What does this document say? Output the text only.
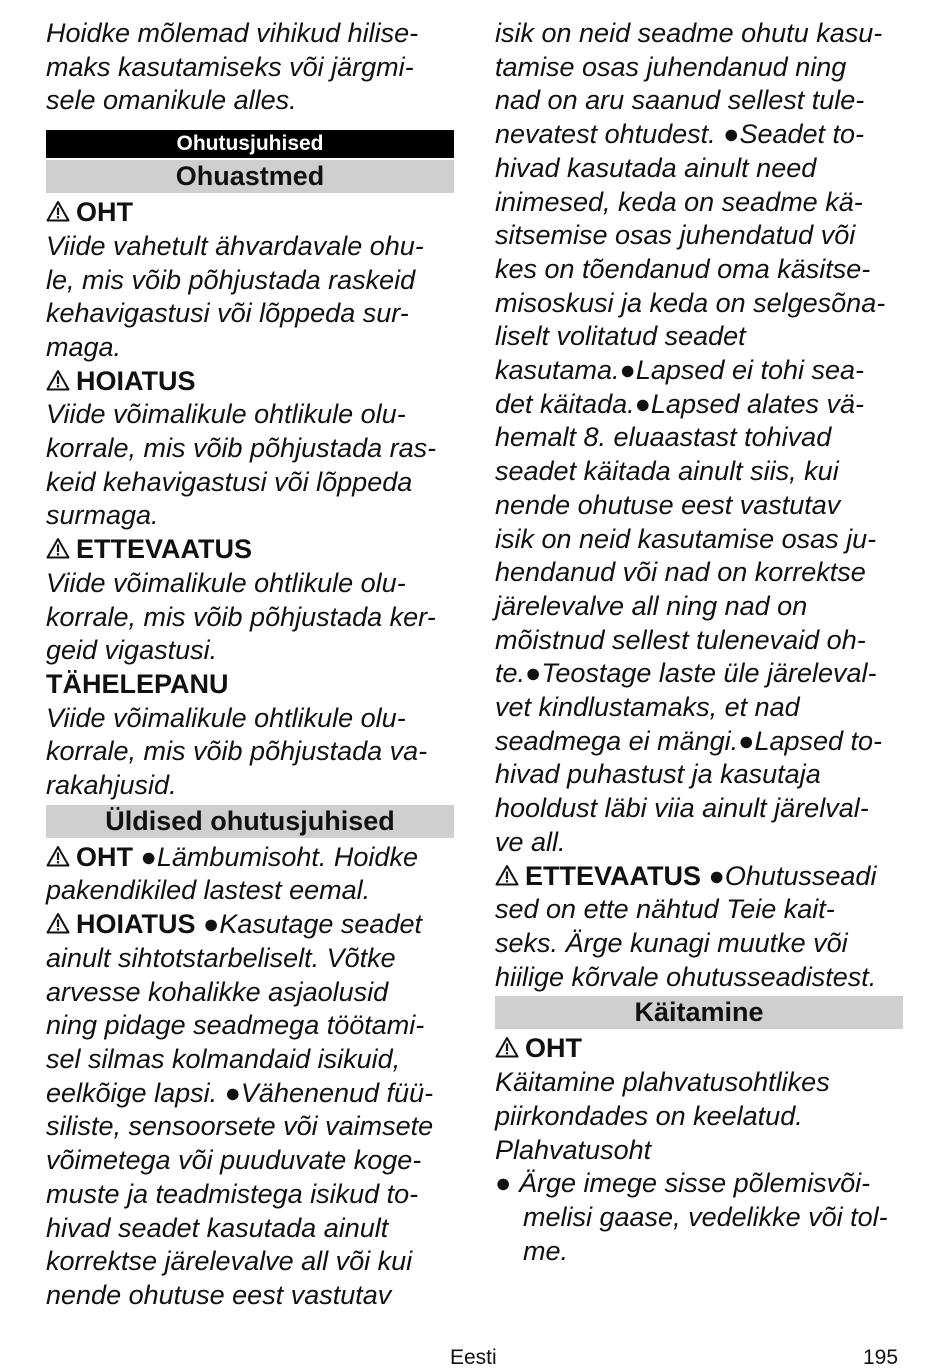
Hoidke mõlemad vihikud hilise-
maks kasutamiseks või järgmi-
sele omanikule alles.
Ohutusjuhised
Ohuastmed
OHT
Viide vahetult ähvardavale ohu-
le, mis võib põhjustada raskeid
kehavigastusi või lõppeda sur-
maga.
HOIATUS
Viide võimalikule ohtlikule olu-
korrale, mis võib põhjustada ras-
keid kehavigastusi või lõppeda
surmaga.
ETTEVAATUS
Viide võimalikule ohtlikule olu-
korrale, mis võib põhjustada ker-
geid vigastusi.
TÄHELEPANU
Viide võimalikule ohtlikule olu-
korrale, mis võib põhjustada va-
rakahjusid.
Üldised ohutusjuhised
OHT ●Lämbumisoht. Hoidke
pakendikiled lastest eemal.
HOIATUS ●Kasutage seadet
ainult sihtotstarbeliselt. Võtke
arvesse kohalikke asjaolusid
ning pidage seadmega töötami-
sel silmas kolmandaid isikuid,
eelkõige lapsi. ●Vähenenud füü-
siliste, sensoorsete või vaimsete
võimetega või puuduvate koge-
muste ja teadmistega isikud to-
hivad seadet kasutada ainult
korrektse järelevalve all või kui
nende ohutuse eest vastutav
isik on neid seadme ohutu kasu-
tamise osas juhendanud ning
nad on aru saanud sellest tule-
nevatest ohtudest. ●Seadet to-
hivad kasutada ainult need
inimesed, keda on seadme kä-
sitsemise osas juhendatud või
kes on tõendanud oma käsitse-
misoskusi ja keda on selgesõna-
liselt volitatud seadet
kasutama.●Lapsed ei tohi sea-
det käitada.●Lapsed alates vä-
hemalt 8. eluaastast tohivad
seadet käitada ainult siis, kui
nende ohutuse eest vastutav
isik on neid kasutamise osas ju-
hendanud või nad on korrektse
järelevalve all ning nad on
mõistnud sellest tulenevaid oh-
te.●Teostage laste üle järeleval-
vet kindlustamaks, et nad
seadmega ei mängi.●Lapsed to-
hivad puhastust ja kasutaja
hooldust läbi viia ainult järelval-
ve all.
ETTEVAATUS ●Ohutusseadi
sed on ette nähtud Teie kait-
seks. Ärge kunagi muutke või
hiilige kõrvale ohutusseadistest.
Käitamine
OHT
Käitamine plahvatusohtlikes
piirkondades on keelatud.
Plahvatusoht
● Ärge imege sisse põlemisvõi-
melisi gaase, vedelikke või tol-
me.
Eesti	195
